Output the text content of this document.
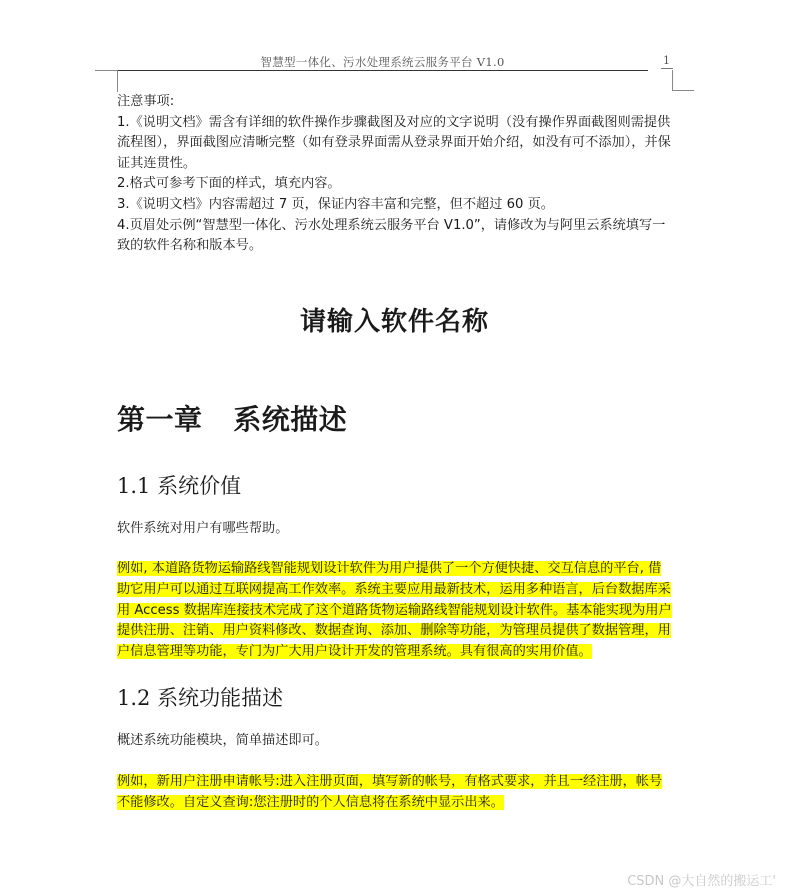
智慧型一体化、污水处理系统云服务平台 V1.0	1

注意事项:

1.《说明文档》需含有详细的软件操作步骤截图及对应的文字说明（没有操作界面截图则需提供流程图），界面截图应清晰完整（如有登录界面需从登录界面开始介绍，如没有可不添加），并保证其连贯性。

2.格式可参考下面的样式，填充内容。

3.《说明文档》内容需超过 7 页，保证内容丰富和完整，但不超过 60 页。

4.页眉处示例“智慧型一体化、污水处理系统云服务平台 V1.0”，请修改为与阿里云系统填写一致的软件名称和版本号。

请输入软件名称
第一章   系统描述
1.1 系统价值

软件系统对用户有哪些帮助。

例如, 本道路货物运输路线智能规划设计软件为用户提供了一个方便快捷、交互信息的平台, 借助它用户可以通过互联网提高工作效率。系统主要应用最新技术，运用多种语言，后台数据库采用 Access 数据库连接技术完成了这个道路货物运输路线智能规划设计软件。基本能实现为用户提供注册、注销、用户资料修改、数据查询、添加、删除等功能，为管理员提供了数据管理，用户信息管理等功能，专门为广大用户设计开发的管理系统。具有很高的实用价值。

1.2 系统功能描述

概述系统功能模块，简单描述即可。

例如，新用户注册申请帐号:进入注册页面，填写新的帐号，有格式要求，并且一经注册，帐号不能修改。自定义查询:您注册时的个人信息将在系统中显示出来。

CSDN @大自然的搬运工'
